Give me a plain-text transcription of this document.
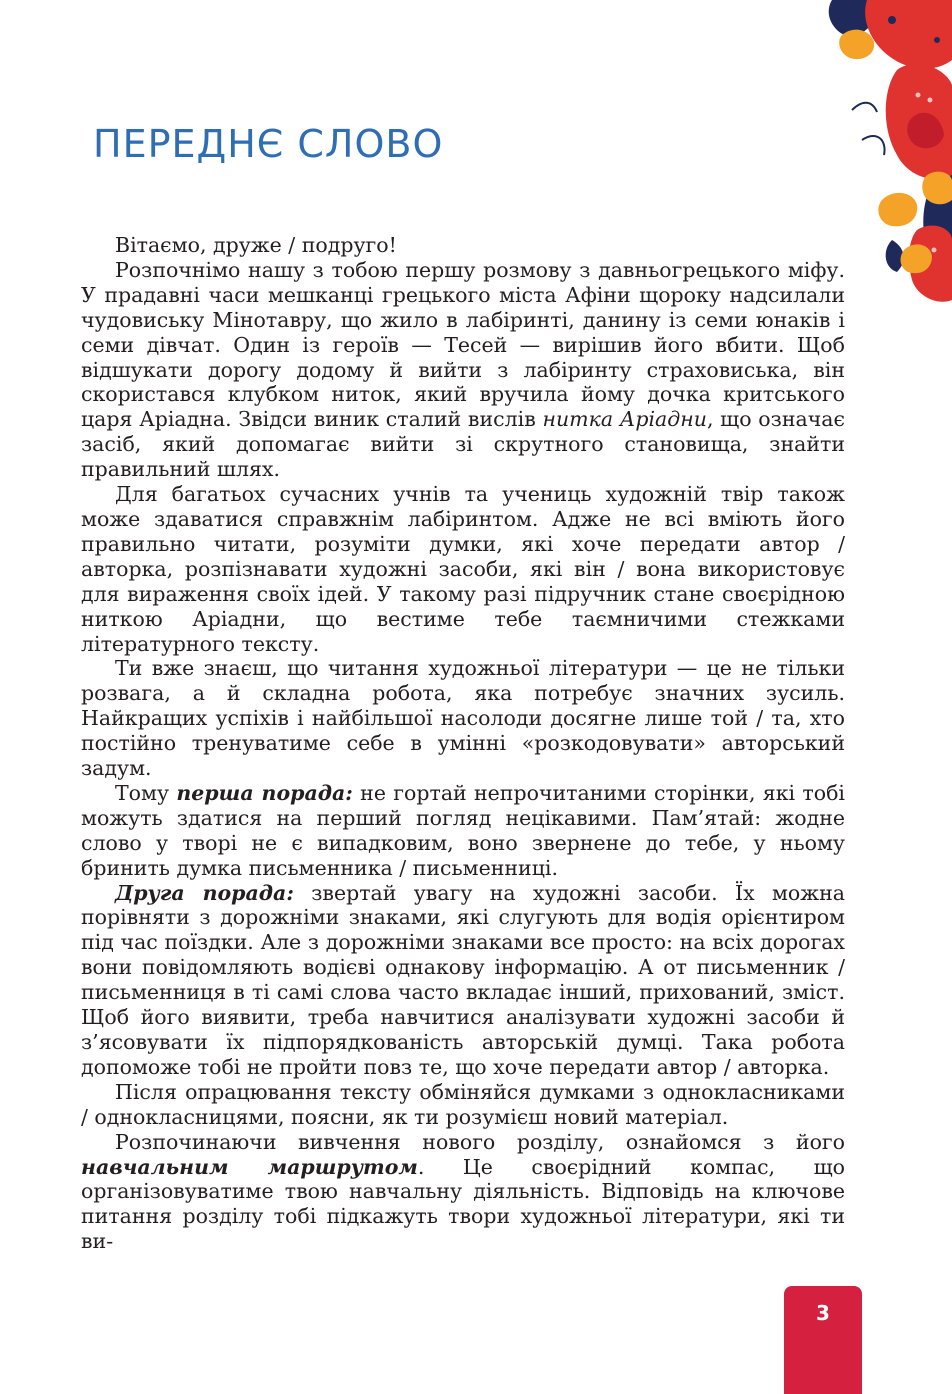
ПЕРЕДНЄ СЛОВО

Вітаємо, друже / подруго!

Розпочнімо нашу з тобою першу розмову з давньогрецького міфу. У прадавні часи мешканці грецького міста Афіни щороку надсилали чудовиську Мінотавру, що жило в лабіринті, данину із семи юнаків і семи дівчат. Один із героїв — Тесей — вирішив його вбити. Щоб відшукати дорогу додому й вийти з лабіринту страховиська, він скористався клубком ниток, який вручила йому дочка критського царя Аріадна. Звідси виник сталий вислів нитка Аріадни, що означає засіб, який допомагає вийти зі скрутного становища, знайти правильний шлях.

Для багатьох сучасних учнів та учениць художній твір також може здаватися справжнім лабіринтом. Адже не всі вміють його правильно читати, розуміти думки, які хоче передати автор / авторка, розпізнавати художні засоби, які він / вона використовує для вираження своїх ідей. У такому разі підручник стане своєрідною ниткою Аріадни, що вестиме тебе таємничими стежками літературного тексту.

Ти вже знаєш, що читання художньої літератури — це не тільки розвага, а й складна робота, яка потребує значних зусиль. Найкращих успіхів і найбільшої насолоди досягне лише той / та, хто постійно тренуватиме себе в умінні «розкодовувати» авторський задум.

Тому перша порада: не гортай непрочитаними сторінки, які тобі можуть здатися на перший погляд нецікавими. Пам’ятай: жодне слово у творі не є випадковим, воно звернене до тебе, у ньому бринить думка письменника / письменниці.

Друга порада: звертай увагу на художні засоби. Їх можна порівняти з дорожніми знаками, які слугують для водія орієнтиром під час поїздки. Але з дорожніми знаками все просто: на всіх дорогах вони повідомляють водієві однакову інформацію. А от письменник / письменниця в ті самі слова часто вкладає інший, прихований, зміст. Щоб його виявити, треба навчитися аналізувати художні засоби й з’ясовувати їх підпорядкованість авторській думці. Така робота допоможе тобі не пройти повз те, що хоче передати автор / авторка.

Після опрацювання тексту обміняйся думками з однокласниками / однокласницями, поясни, як ти розумієш новий матеріал.

Розпочинаючи вивчення нового розділу, ознайомся з його навчальним маршрутом. Це своєрідний компас, що організовуватиме твою навчальну діяльність. Відповідь на ключове питання розділу тобі підкажуть твори художньої літератури, які ти ви-

3
